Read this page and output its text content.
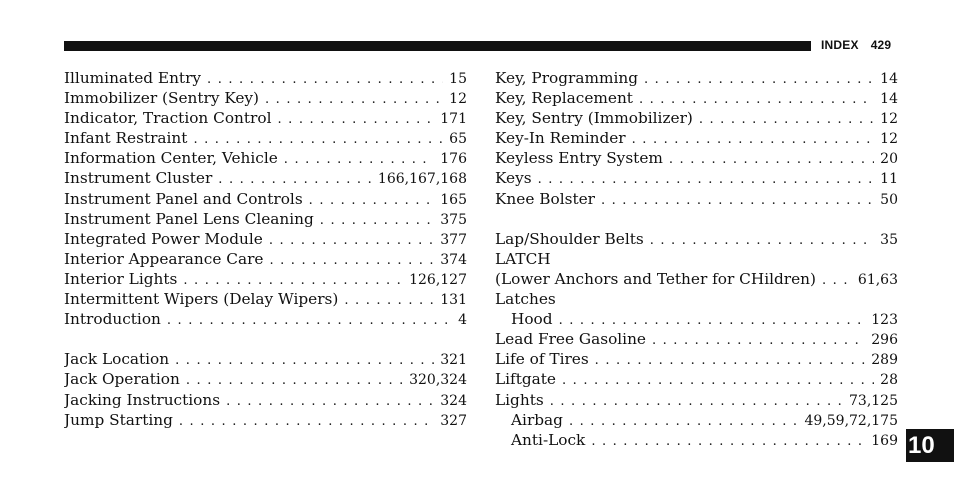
INDEX 429
Illuminated Entry . . .	15
Immobilizer (Sentry Key) . . .	12
Indicator, Traction Control . . .	171
Infant Restraint . . .	65
Information Center, Vehicle . . .	176
Instrument Cluster . . .	166,167,168
Instrument Panel and Controls . . .	165
Instrument Panel Lens Cleaning . . .	375
Integrated Power Module . . .	377
Interior Appearance Care . . .	374
Interior Lights . . .	126,127
Intermittent Wipers (Delay Wipers) . . .	131
Introduction . . .	4
Jack Location . . .	321
Jack Operation . . .	320,324
Jacking Instructions . . .	324
Jump Starting . . .	327
Key, Programming . . .	14
Key, Replacement . . .	14
Key, Sentry (Immobilizer) . . .	12
Key-In Reminder . . .	12
Keyless Entry System . . .	20
Keys . . .	11
Knee Bolster . . .	50
Lap/Shoulder Belts . . .	35
LATCH
(Lower Anchors and Tether for CHildren) . . .	61,63
Latches
Hood . . .	123
Lead Free Gasoline . . .	296
Life of Tires . . .	289
Liftgate . . .	28
Lights . . .	73,125
Airbag . . .	49,59,72,175
Anti-Lock . . .	169 10
